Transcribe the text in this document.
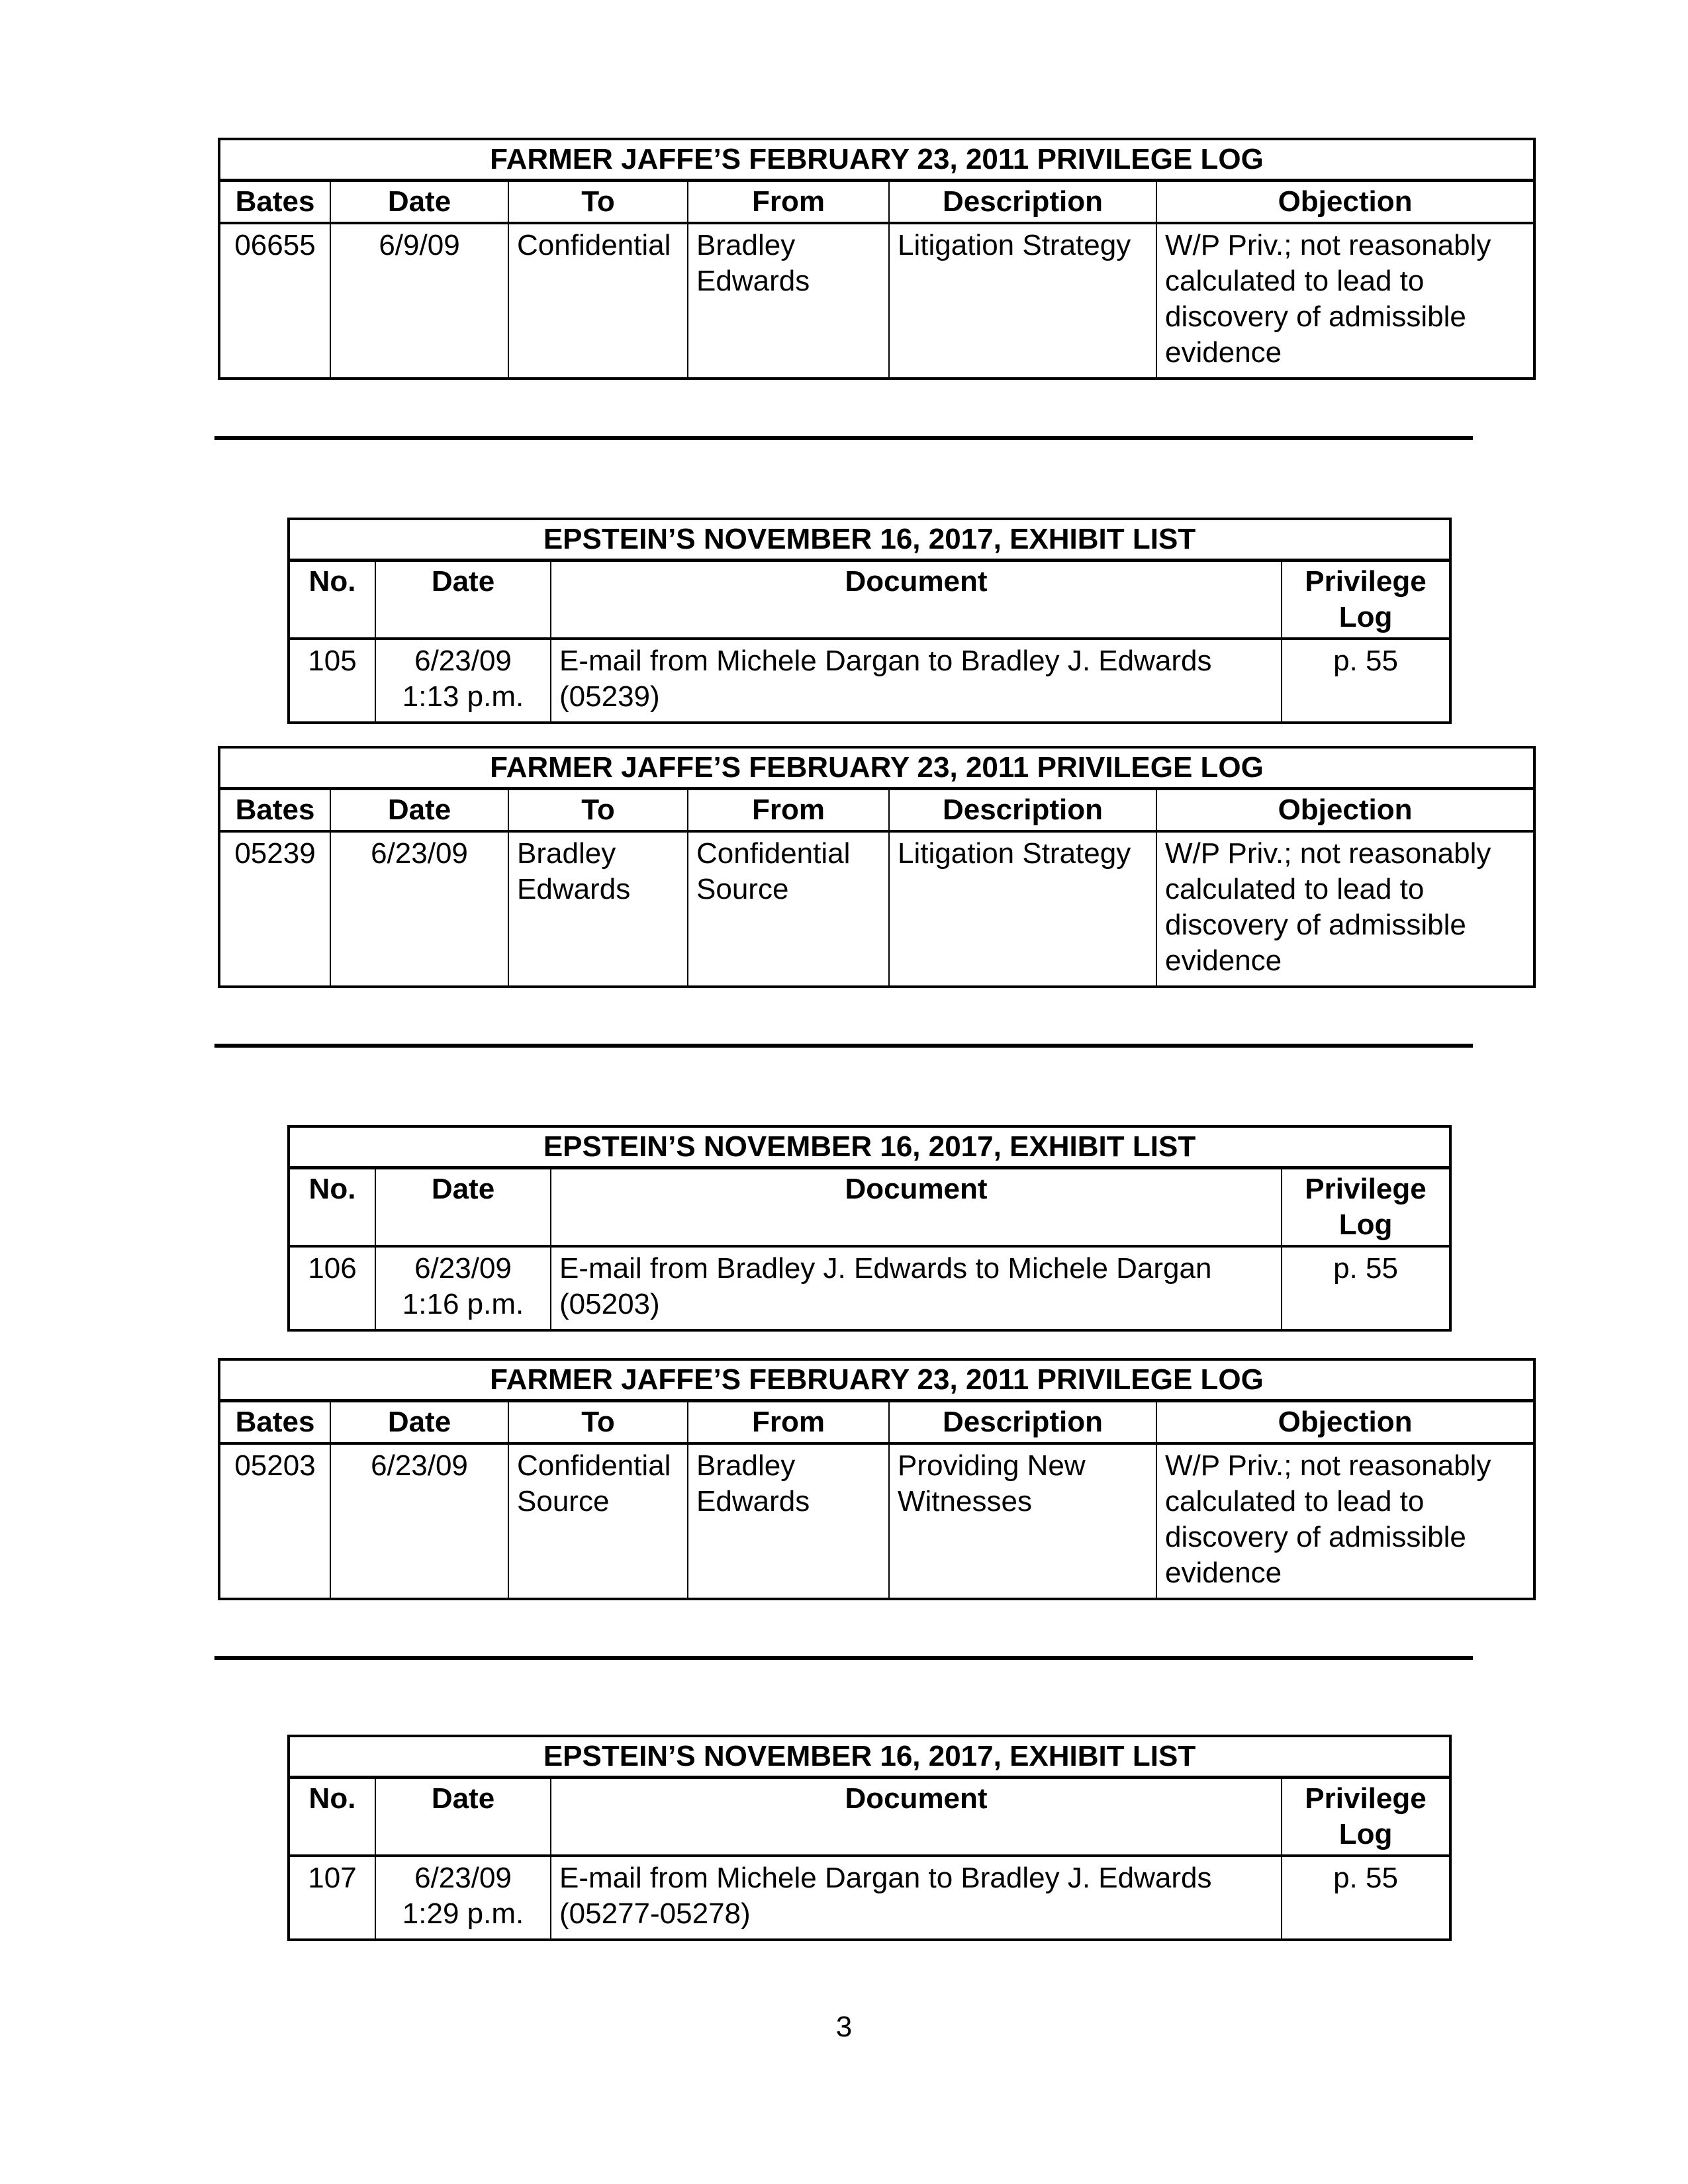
FARMER JAFFE’S FEBRUARY 23, 2011 PRIVILEGE LOG					
Bates	Date	To	From	Description	Objection
06655	6/9/09	Confidential	Bradley Edwards	Litigation Strategy	W/P Priv.; not reasonably calculated to lead to discovery of admissible evidence
EPSTEIN’S NOVEMBER 16, 2017, EXHIBIT LIST			
No.	Date	Document	Privilege Log
105	6/23/09 1:13 p.m.	E-mail from Michele Dargan to Bradley J. Edwards (05239)	p. 55
FARMER JAFFE’S FEBRUARY 23, 2011 PRIVILEGE LOG					
Bates	Date	To	From	Description	Objection
05239	6/23/09	Bradley Edwards	Confidential Source	Litigation Strategy	W/P Priv.; not reasonably calculated to lead to discovery of admissible evidence
EPSTEIN’S NOVEMBER 16, 2017, EXHIBIT LIST			
No.	Date	Document	Privilege Log
106	6/23/09 1:16 p.m.	E-mail from Bradley J. Edwards to Michele Dargan (05203)	p. 55
FARMER JAFFE’S FEBRUARY 23, 2011 PRIVILEGE LOG					
Bates	Date	To	From	Description	Objection
05203	6/23/09	Confidential Source	Bradley Edwards	Providing New Witnesses	W/P Priv.; not reasonably calculated to lead to discovery of admissible evidence
EPSTEIN’S NOVEMBER 16, 2017, EXHIBIT LIST			
No.	Date	Document	Privilege Log
107	6/23/09 1:29 p.m.	E-mail from Michele Dargan to Bradley J. Edwards (05277-05278)	p. 55
3
